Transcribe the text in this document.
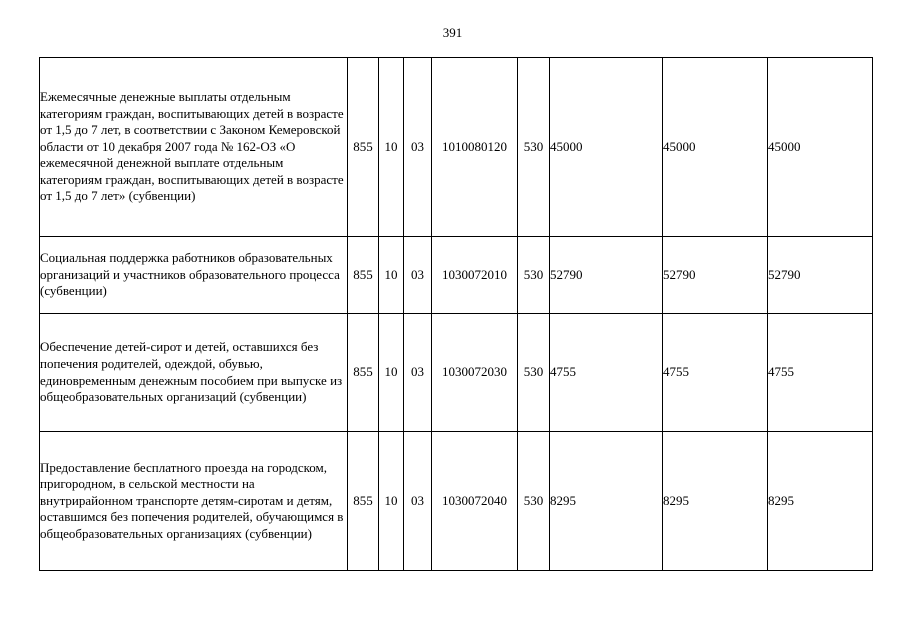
391
Ежемесячные денежные выплаты отдельным категориям граждан, воспитывающих детей в возрасте от 1,5 до 7 лет, в соответствии с Законом Кемеровской области от 10 декабря 2007 года № 162-ОЗ «О ежемесячной денежной выплате отдельным категориям граждан, воспитывающих детей в возрасте от 1,5 до 7 лет» (субвенции)	855	10	03	1010080120	530	45000	45000	45000
Социальная поддержка работников образовательных организаций и участников образовательного процесса (субвенции)	855	10	03	1030072010	530	52790	52790	52790
Обеспечение детей-сирот и детей, оставшихся без попечения родителей, одеждой, обувью, единовременным денежным пособием при выпуске из общеобразовательных организаций (субвенции)	855	10	03	1030072030	530	4755	4755	4755
Предоставление бесплатного проезда на городском, пригородном, в сельской местности на внутрирайонном транспорте детям-сиротам и детям, оставшимся без попечения родителей, обучающимся в общеобразовательных организациях (субвенции)	855	10	03	1030072040	530	8295	8295	8295
